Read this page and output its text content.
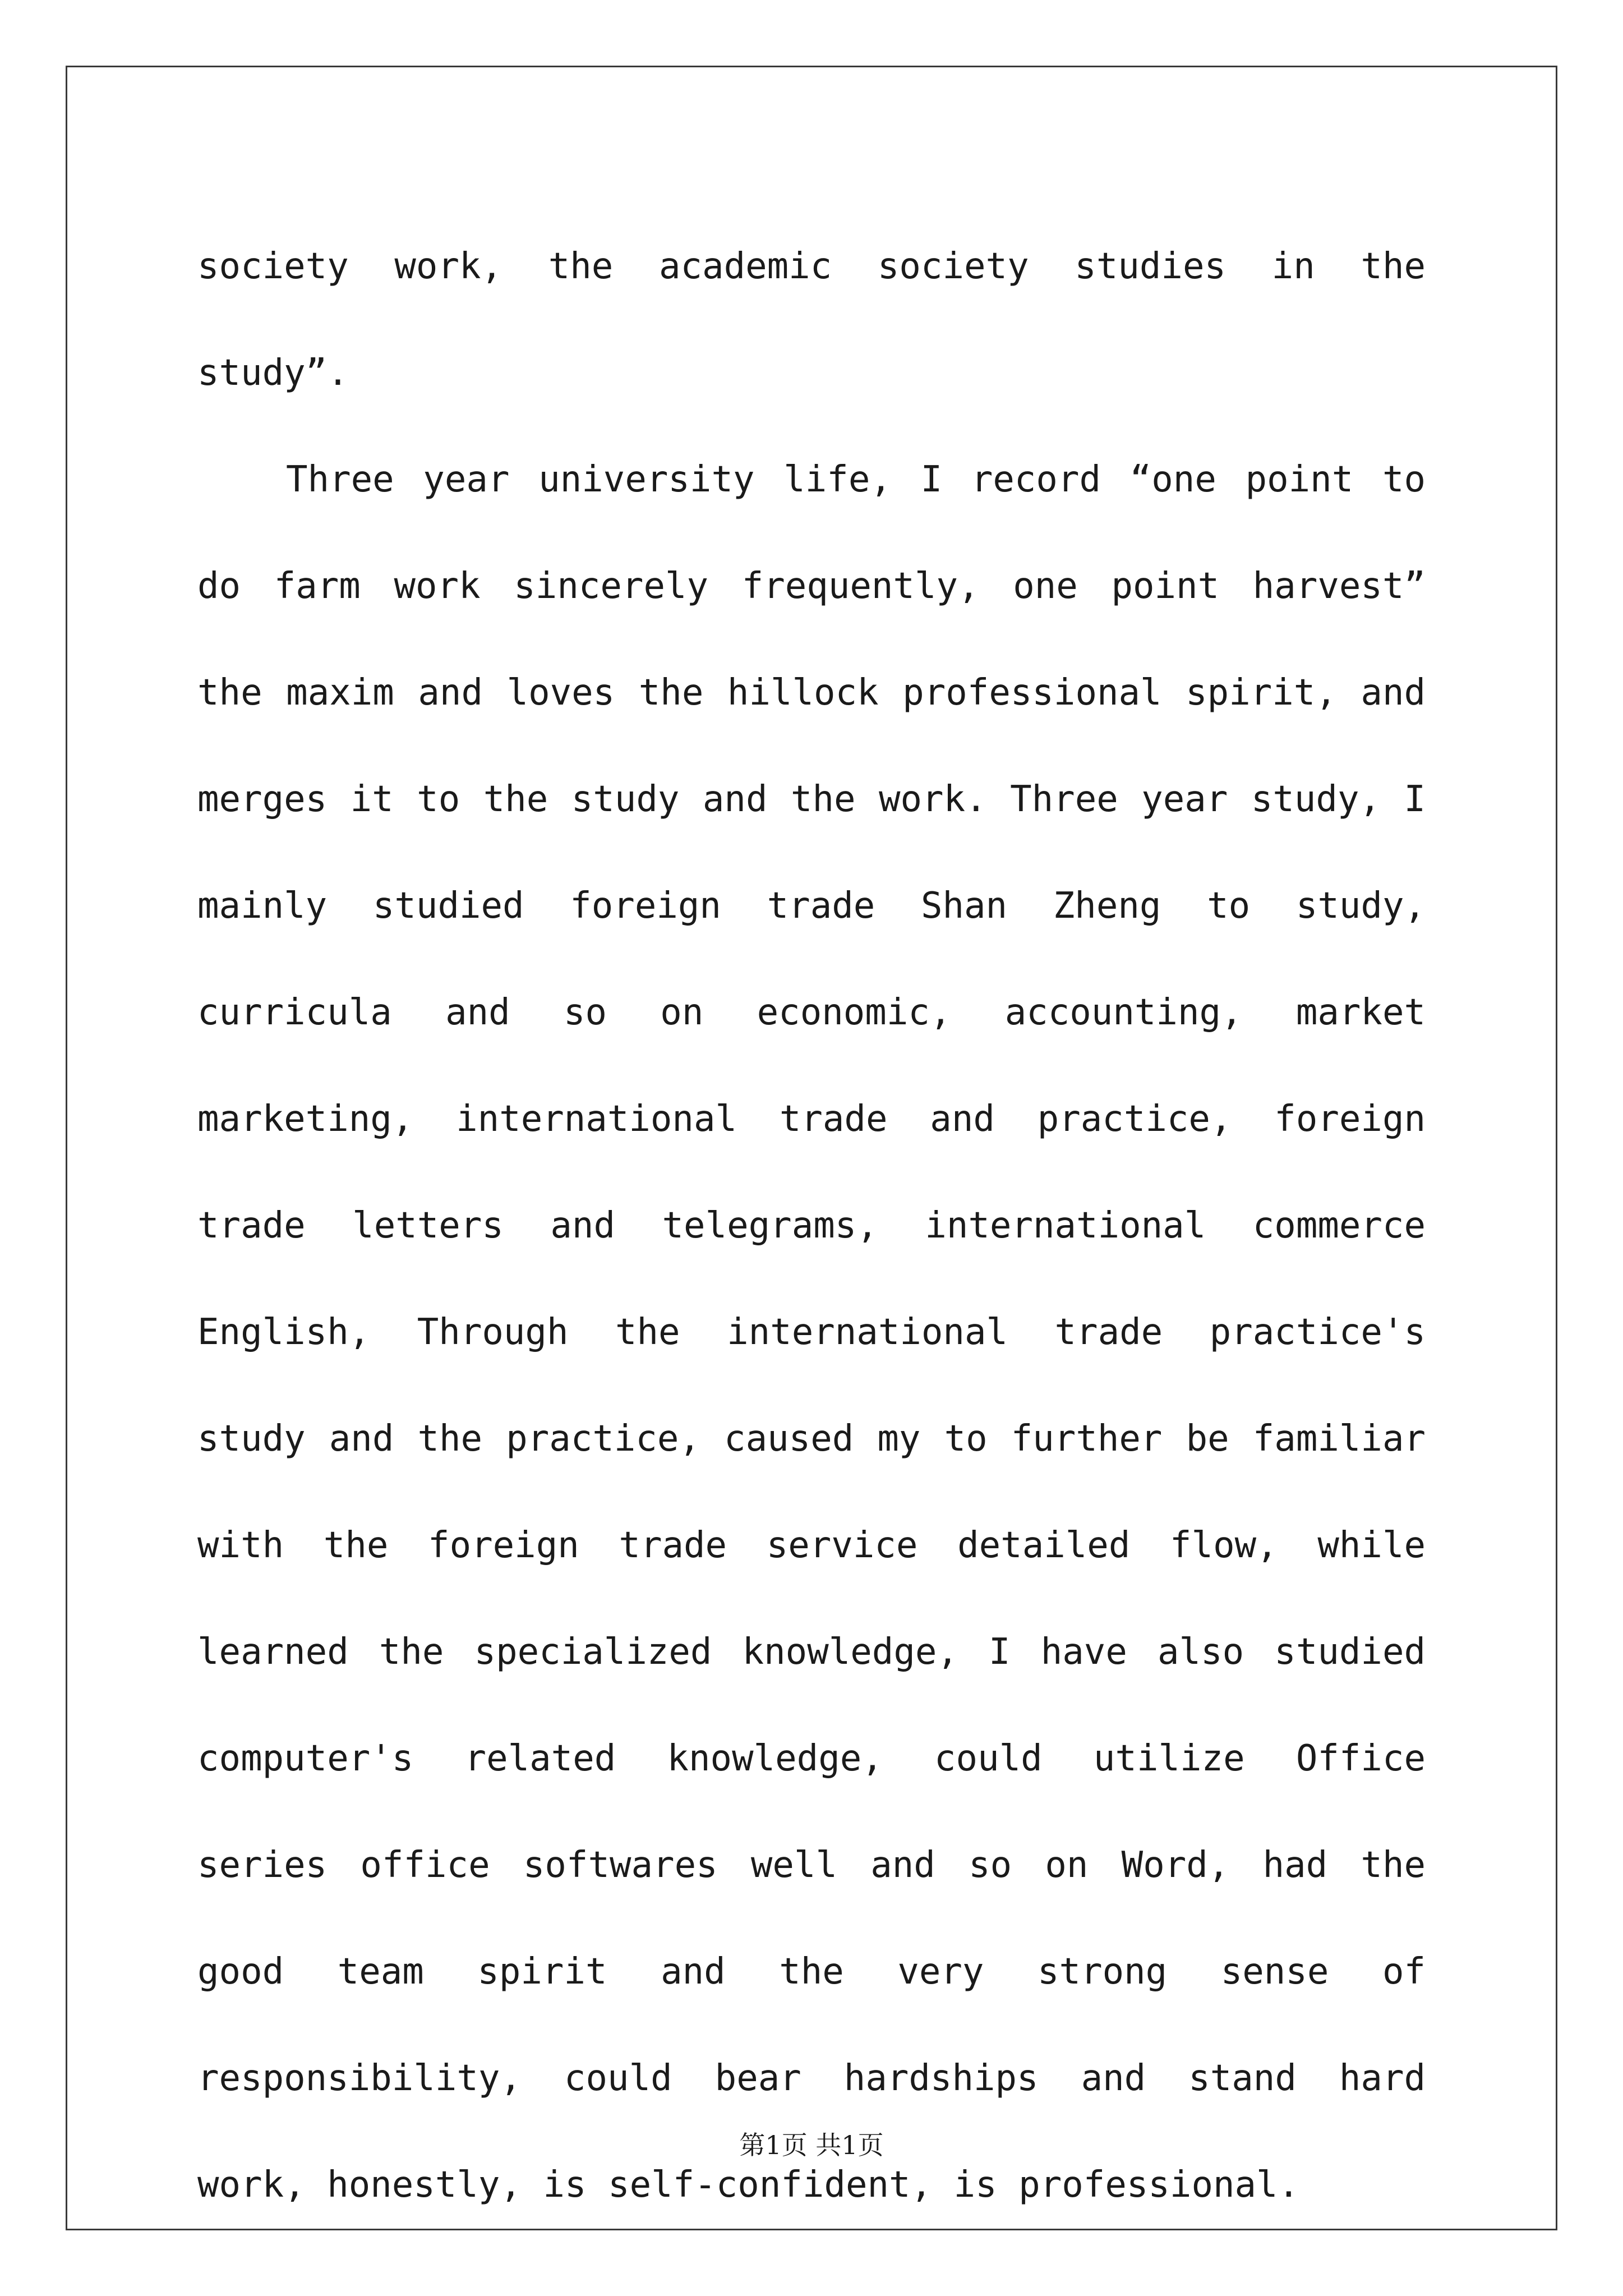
society work, the academic society studies in the study”.

Three year university life, I record “one point to do farm work sincerely frequently, one point harvest” the maxim and loves the hillock professional spirit, and merges it to the study and the work. Three year study, I mainly studied foreign trade Shan Zheng to study, curricula and so on economic, accounting, market marketing, international trade and practice, foreign trade letters and telegrams, international commerce English, Through the international trade practice's study and the practice, caused my to further be familiar with the foreign trade service detailed flow, while learned the specialized knowledge, I have also studied computer's related knowledge, could utilize Office series office softwares well and so on Word, had the good team spirit and the very strong sense of responsibility, could bear hardships and stand hard work, honestly, is self-confident, is professional.

第1页 共1页
